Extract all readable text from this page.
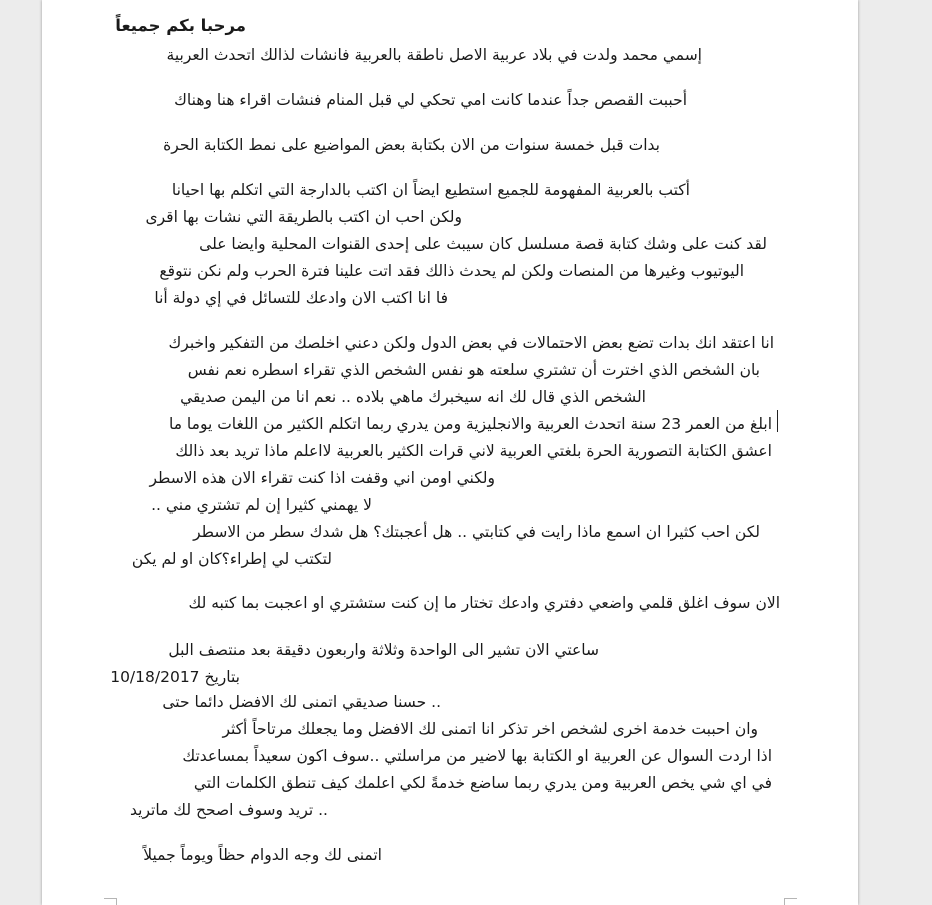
مرحبا بكم جميعاً

إسمي محمد ولدت في بلاد عربية الاصل ناطقة بالعربية فانشات لذالك اتحدث العربية

أحببت القصص جداً عندما كانت امي تحكي لي قبل المنام فنشات اقراء هنا وهناك

بدات قبل خمسة سنوات من الان بكتابة بعض المواضيع على نمط الكتابة الحرة

أكتب بالعربية المفهومة للجميع استطيع ايضاً ان اكتب بالدارجة التي اتكلم بها احيانا

ولكن احب ان اكتب بالطريقة التي نشات بها اقرى

لقد كنت على وشك كتابة قصة مسلسل كان سيبث على إحدى القنوات المحلية وايضا على

اليوتيوب وغيرها من المنصات ولكن لم يحدث ذالك فقد اتت علينا فترة الحرب ولم نكن نتوقع

فا انا اكتب الان وادعك للتسائل في إي دولة أنا

انا اعتقد انك بدات تضع بعض الاحتمالات في بعض الدول ولكن دعني اخلصك من التفكير واخبرك

بان الشخص الذي اخترت أن تشتري سلعته هو نفس الشخص الذي تقراء اسطره نعم نفس

الشخص الذي قال لك انه سيخبرك ماهي بلاده .. نعم انا من اليمن صديقي

ابلغ من العمر 23 سنة اتحدث العربية والانجليزية ومن يدري ربما اتكلم الكثير من اللغات يوما ما

اعشق الكتابة التصورية الحرة بلغتي العربية لاني قرات الكثير بالعربية لااعلم ماذا تريد بعد ذالك

ولكني اومن اني وقفت اذا كنت تقراء الان هذه الاسطر

لا يهمني كثيرا إن لم تشتري مني ..

لكن احب كثيرا ان اسمع ماذا رايت في كتابتي .. هل أعجبتك؟ هل شدك سطر من الاسطر

لتكتب لي إطراء؟كان او لم يكن

الان سوف اغلق قلمي واضعي دفتري وادعك تختار ما إن كنت ستشتري او اعجبت بما كتبه لك

ساعتي الان تشير الى الواحدة وثلاثة واربعون دقيقة بعد منتصف البل

بتاريخ 10/18/2017

.. حسنا صديقي اتمنى لك الافضل دائما حتى

وان احببت خدمة اخرى لشخص اخر تذكر انا اتمنى لك الافضل وما يجعلك مرتاحاً أكثر

اذا اردت السوال عن العربية او الكتابة بها لاضير من مراسلتي ..سوف اكون سعيداً بمساعدتك

في اي شي يخص العربية ومن يدري ربما ساضع خدمةً لكي اعلمك كيف تنطق الكلمات التي

.. تريد وسوف اصحح لك ماتريد

اتمنى لك وجه الدوام حظاً ويوماً جميلاً
